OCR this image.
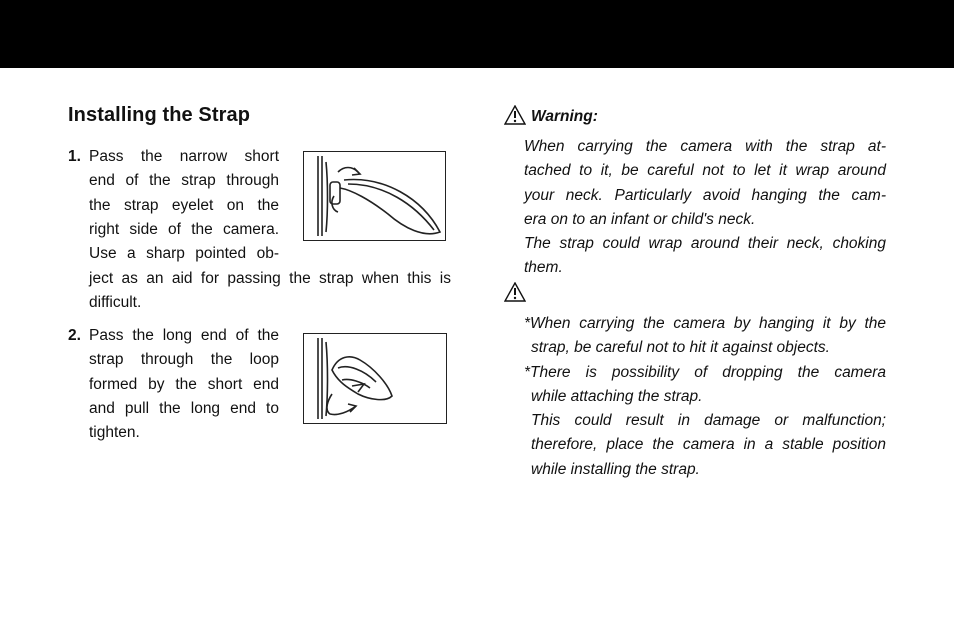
Installing the Strap
1. Pass the narrow short
end of the strap through
the strap eyelet on the
right side of the camera.
Use a sharp pointed ob-
ject as an aid for passing the strap when this is
difficult.
2. Pass the long end of the
strap through the loop
formed by the short end
and pull the long end to
tighten.
Warning:
When carrying the camera with the strap at-
tached to it, be careful not to let it wrap around
your neck. Particularly avoid hanging the cam-
era on to an infant or child's neck.
The strap could wrap around their neck, choking
them.
*When carrying the camera by hanging it by the
strap, be careful not to hit it against objects.
*There is possibility of dropping the camera
while attaching the strap.
This could result in damage or malfunction;
therefore, place the camera in a stable position
while installing the strap.
